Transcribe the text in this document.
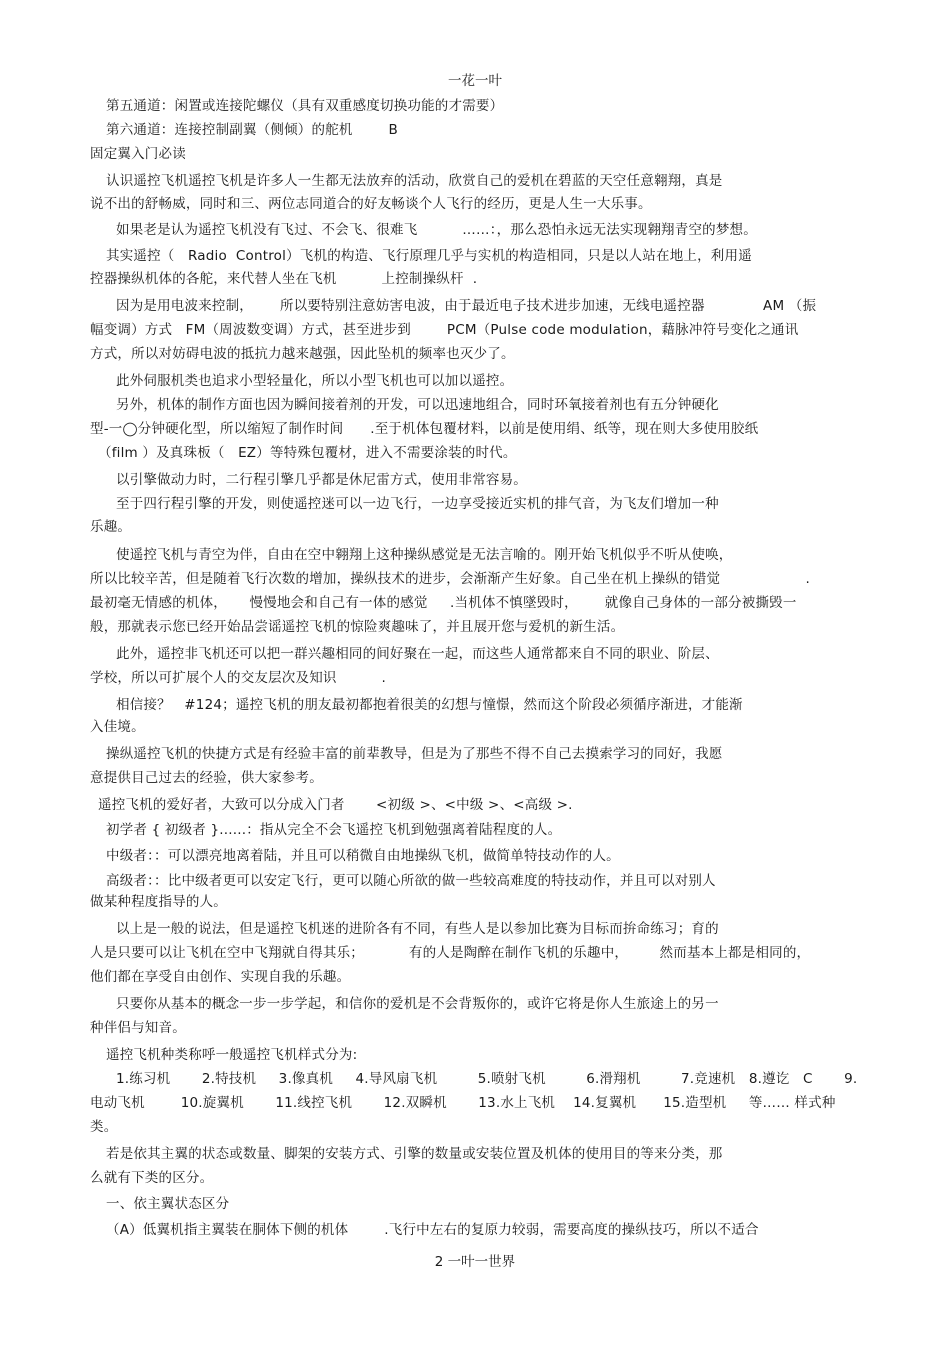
一花一叶
第五通道：闲置或连接陀螺仪（具有双重感度切换功能的才需要）
第六通道：连接控制副翼（侧倾）的舵机        B
固定翼入门必读
认识遥控飞机遥控飞机是许多人一生都无法放弃的活动，欣赏自己的爱机在碧蓝的天空任意翱翔，真是
说不出的舒畅威，同时和三、两位志同道合的好友畅谈个人飞行的经历，更是人生一大乐事。
如果老是认为遥控飞机没有飞过、不会飞、很难飞          ……：，那么恐怕永远无法实现翱翔青空的梦想。
其实遥控（   Radio  Control）飞机的构造、飞行原理几乎与实机的构造相同，只是以人站在地上，利用遥
控器操纵机体的各舵，来代替人坐在飞机          上控制操纵杆  .
因为是用电波来控制，      所以要特别注意妨害电波，由于最近电子技术进步加速，无线电遥控器             AM （振
幅变调）方式   FM（周波数变调）方式，甚至进步到        PCM（Pulse code modulation，藉脉冲符号变化之通讯
方式，所以对妨碍电波的抵抗力越来越强，因此坠机的频率也灭少了。
此外伺服机类也追求小型轻量化，所以小型飞机也可以加以遥控。
另外，机体的制作方面也因为瞬间接着剂的开发，可以迅速地组合，同时环氧接着剂也有五分钟硬化
型-一◯分钟硬化型，所以缩短了制作时间      .至于机体包覆材料，以前是使用绢、纸等，现在则大多使用胶纸
（film ）及真珠板（   EZ）等特殊包覆材，进入不需要涂装的时代。
以引擎做动力时，二行程引擎几乎都是休尼雷方式，使用非常容易。
至于四行程引擎的开发，则使遥控迷可以一边飞行，一边享受接近实机的排气音，为飞友们增加一种
乐趣。
使遥控飞机与青空为伴，自由在空中翱翔上这种操纵感觉是无法言喻的。刚开始飞机似乎不听从使唤，
所以比较辛苦，但是随着飞行次数的增加，操纵技术的进步，会渐渐产生好象。自己坐在机上操纵的错觉                   .
最初毫无情感的机体，     慢慢地会和自己有一体的感觉     .当机体不慎墜毁时，      就像自己身体的一部分被撕毁一
般，那就表示您已经开始品尝谣遥控飞机的惊险爽趣味了，并且展开您与爱机的新生活。
此外，遥控非飞机还可以把一群兴趣相同的间好聚在一起，而这些人通常都来自不同的职业、阶层、
学校，所以可扩展个人的交友层次及知识          .
相信接？   #124；遥控飞机的朋友最初都抱着很美的幻想与憧憬，然而这个阶段必须循序渐进，才能渐
入佳境。
操纵遥控飞机的快捷方式是有经验丰富的前辈教导，但是为了那些不得不自己去摸索学习的同好，我愿
意提供目己过去的经验，供大家参考。
遥控飞机的爱好者，大致可以分成入门者       <初级 >、<中级 >、<高级 >.
初学者 { 初级者 }......：指从完全不会飞遥控飞机到勉强离着陆程度的人。
中级者：：可以漂亮地离着陆，并且可以稍微自由地操纵飞机，做简单特技动作的人。
高级者：：比中级者更可以安定飞行，更可以随心所欲的做一些较高难度的特技动作，并且可以对别人
做某种程度指导的人。
以上是一般的说法，但是遥控飞机迷的进阶各有不同，有些人是以参加比赛为目标而拚命练习；育的
人是只要可以让飞机在空中飞翔就自得其乐；          有的人是陶醉在制作飞机的乐趣中，       然而基本上都是相同的，
他们都在享受自由创作、实现自我的乐趣。
只要你从基本的概念一步一步学起，和信你的爱机是不会背叛你的，或许它将是你人生旅途上的另一
种伴侣与知音。
遥控飞机种类称呼一般遥控飞机样式分为:
1.练习机       2.特技机     3.像真机     4.导风扇飞机         5.喷射飞机         6.滑翔机         7.竞速机   8.遵讫   C       9.
电动飞机        10.旋翼机       11.线控飞机       12.双瞬机       13.水上飞机    14.复翼机      15.造型机     等…… 样式种
类。
若是依其主翼的状态或数量、脚架的安装方式、引擎的数量或安装位置及机体的使用目的等来分类，那
么就有下类的区分。
一、依主翼状态区分
（A）低翼机指主翼装在胴体下侧的机体        .飞行中左右的复原力较弱，需要高度的操纵技巧，所以不适合
2 一叶一世界
